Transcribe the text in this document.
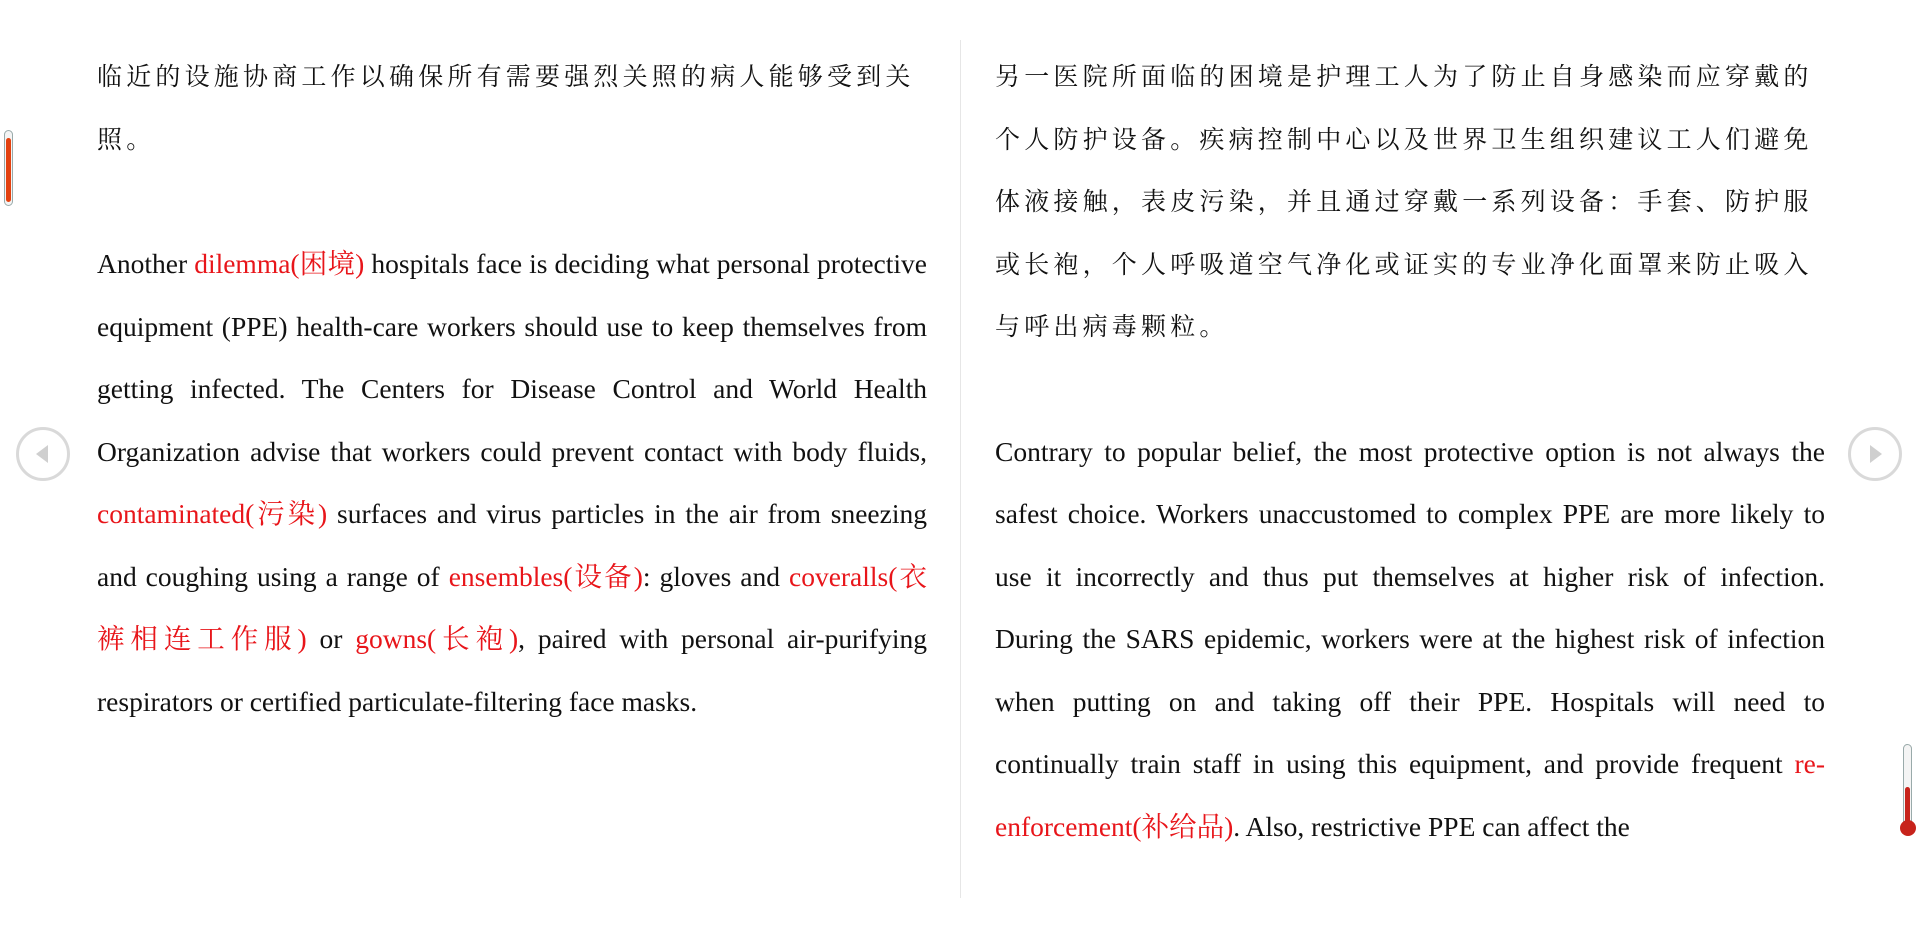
临近的设施协商工作以确保所有需要强烈关照的病人能够受到关照。

Another dilemma(困境) hospitals face is deciding what personal protective equipment (PPE) health-care workers should use to keep themselves from getting infected. The Centers for Disease Control and World Health Organization advise that workers could prevent contact with body fluids, contaminated(污染) surfaces and virus particles in the air from sneezing and coughing using a range of ensembles(设备): gloves and coveralls(衣裤相连工作服) or gowns(长袍), paired with personal air-purifying respirators or certified particulate-filtering face masks.

另一医院所面临的困境是护理工人为了防止自身感染而应穿戴的个人防护设备。疾病控制中心以及世界卫生组织建议工人们避免体液接触，表皮污染，并且通过穿戴一系列设备：手套、防护服或长袍，个人呼吸道空气净化或证实的专业净化面罩来防止吸入与呼出病毒颗粒。

Contrary to popular belief, the most protective option is not always the safest choice. Workers unaccustomed to complex PPE are more likely to use it incorrectly and thus put themselves at higher risk of infection. During the SARS epidemic, workers were at the highest risk of infection when putting on and taking off their PPE. Hospitals will need to continually train staff in using this equipment, and provide frequent re-enforcement(补给品). Also, restrictive PPE can affect the
